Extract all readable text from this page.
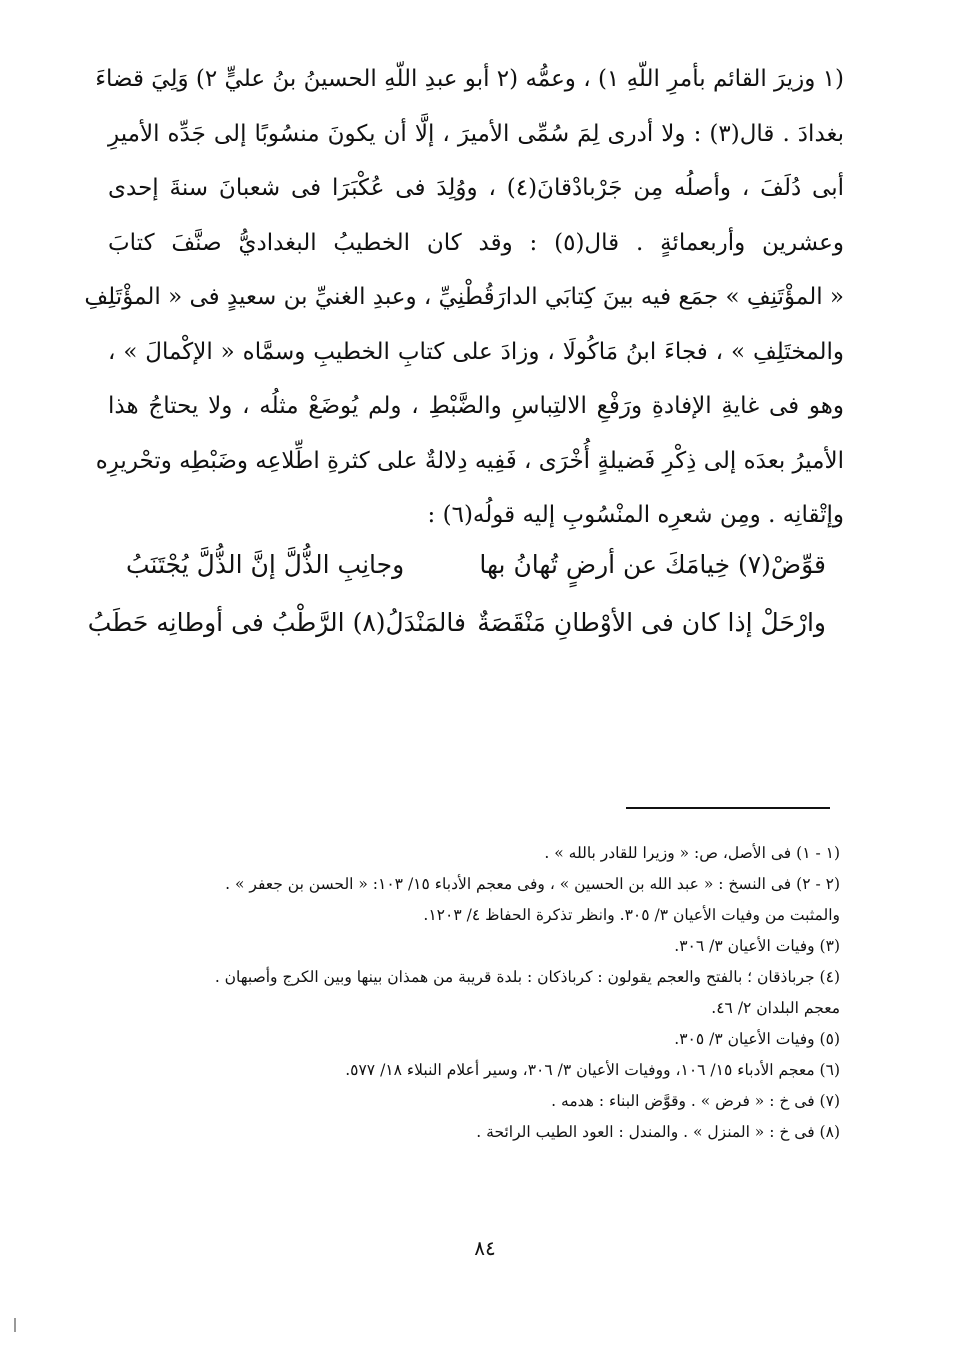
(١ وزيرَ القائم بأمرِ اللّهِ ١) ، وعمُّه (٢ أبو عبدِ اللّهِ الحسينُ بنُ عليٍّ ٢) وَلِيَ قضاءَ
بغدادَ . قال(٣) : ولا أدرى لِمَ سُمِّى الأميرَ ، إلَّا أن يكونَ منسُوبًا إلى جَدِّه الأميرِ
أبى دُلَفَ ، وأصلُه مِن جَرْبادْقانَ(٤) ، ووُلِدَ فى عُكْبَرَا فى شعبانَ سنةَ إحدى
وعشرين وأربعمائةٍ . قال(٥) : وقد كان الخطيبُ البغداديُّ صنَّفَ كتابَ
« المؤْتَنِفِ » جمَع فيه بينَ كِتابَي الدارَقُطْنِيِّ ، وعبدِ الغنيِّ بن سعيدٍ فى « المؤْتَلِفِ
والمختَلِفِ » ، فجاءَ ابنُ مَاكُولَا ، وزادَ على كتابِ الخطيبِ وسمَّاه « الإكْمالَ » ،
وهو فى غايةِ الإفادةِ ورَفْعِ الالتِباسِ والضَّبْطِ ، ولم يُوضَعْ مثلُه ، ولا يحتاجُ هذا
الأميرُ بعدَه إلى ذِكْرِ فَضيلةٍ أُخْرَى ، فَفِيه دِلالةٌ على كثرةِ اطِّلاعِه وضَبْطِه وتحْريرِه
وإتْقانِه . ومِن شعرِه المنْسُوبِ إليه قولُه(٦) :
قوِّضْ(٧) خِيامَكَ عن أرضٍ تُهانُ بها
وجانِبِ الذُّلَّ إنَّ الذُّلَّ يُجْتَنَبُ
وارْحَلْ إذا كان فى الأوْطانِ مَنْقَصَةٌ
فالمَنْدَلُ(٨) الرَّطْبُ فى أوطانِه حَطَبُ
(١ - ١) فى الأصل، ص: « وزيرا للقادر بالله » .
(٢ - ٢) فى النسخ : « عبد الله بن الحسين » ، وفى معجم الأدباء ١٥/ ١٠٣: « الحسن بن جعفر » .
والمثبت من وفيات الأعيان ٣/ ٣٠٥. وانظر تذكرة الحفاظ ٤/ ١٢٠٣.
(٣) وفيات الأعيان ٣/ ٣٠٦.
(٤) جرباذقان ؛ بالفتح والعجم يقولون : كرباذكان : بلدة قريبة من همذان بينها وبين الكرج وأصبهان .
معجم البلدان ٢/ ٤٦.
(٥) وفيات الأعيان ٣/ ٣٠٥.
(٦) معجم الأدباء ١٥/ ١٠٦، ووفيات الأعيان ٣/ ٣٠٦، وسير أعلام النبلاء ١٨/ ٥٧٧.
(٧) فى خ : « فرض » . وقوَّض البناء : هدمه .
(٨) فى خ : « المنزل » . والمندل : العود الطيب الرائحة .
٨٤
